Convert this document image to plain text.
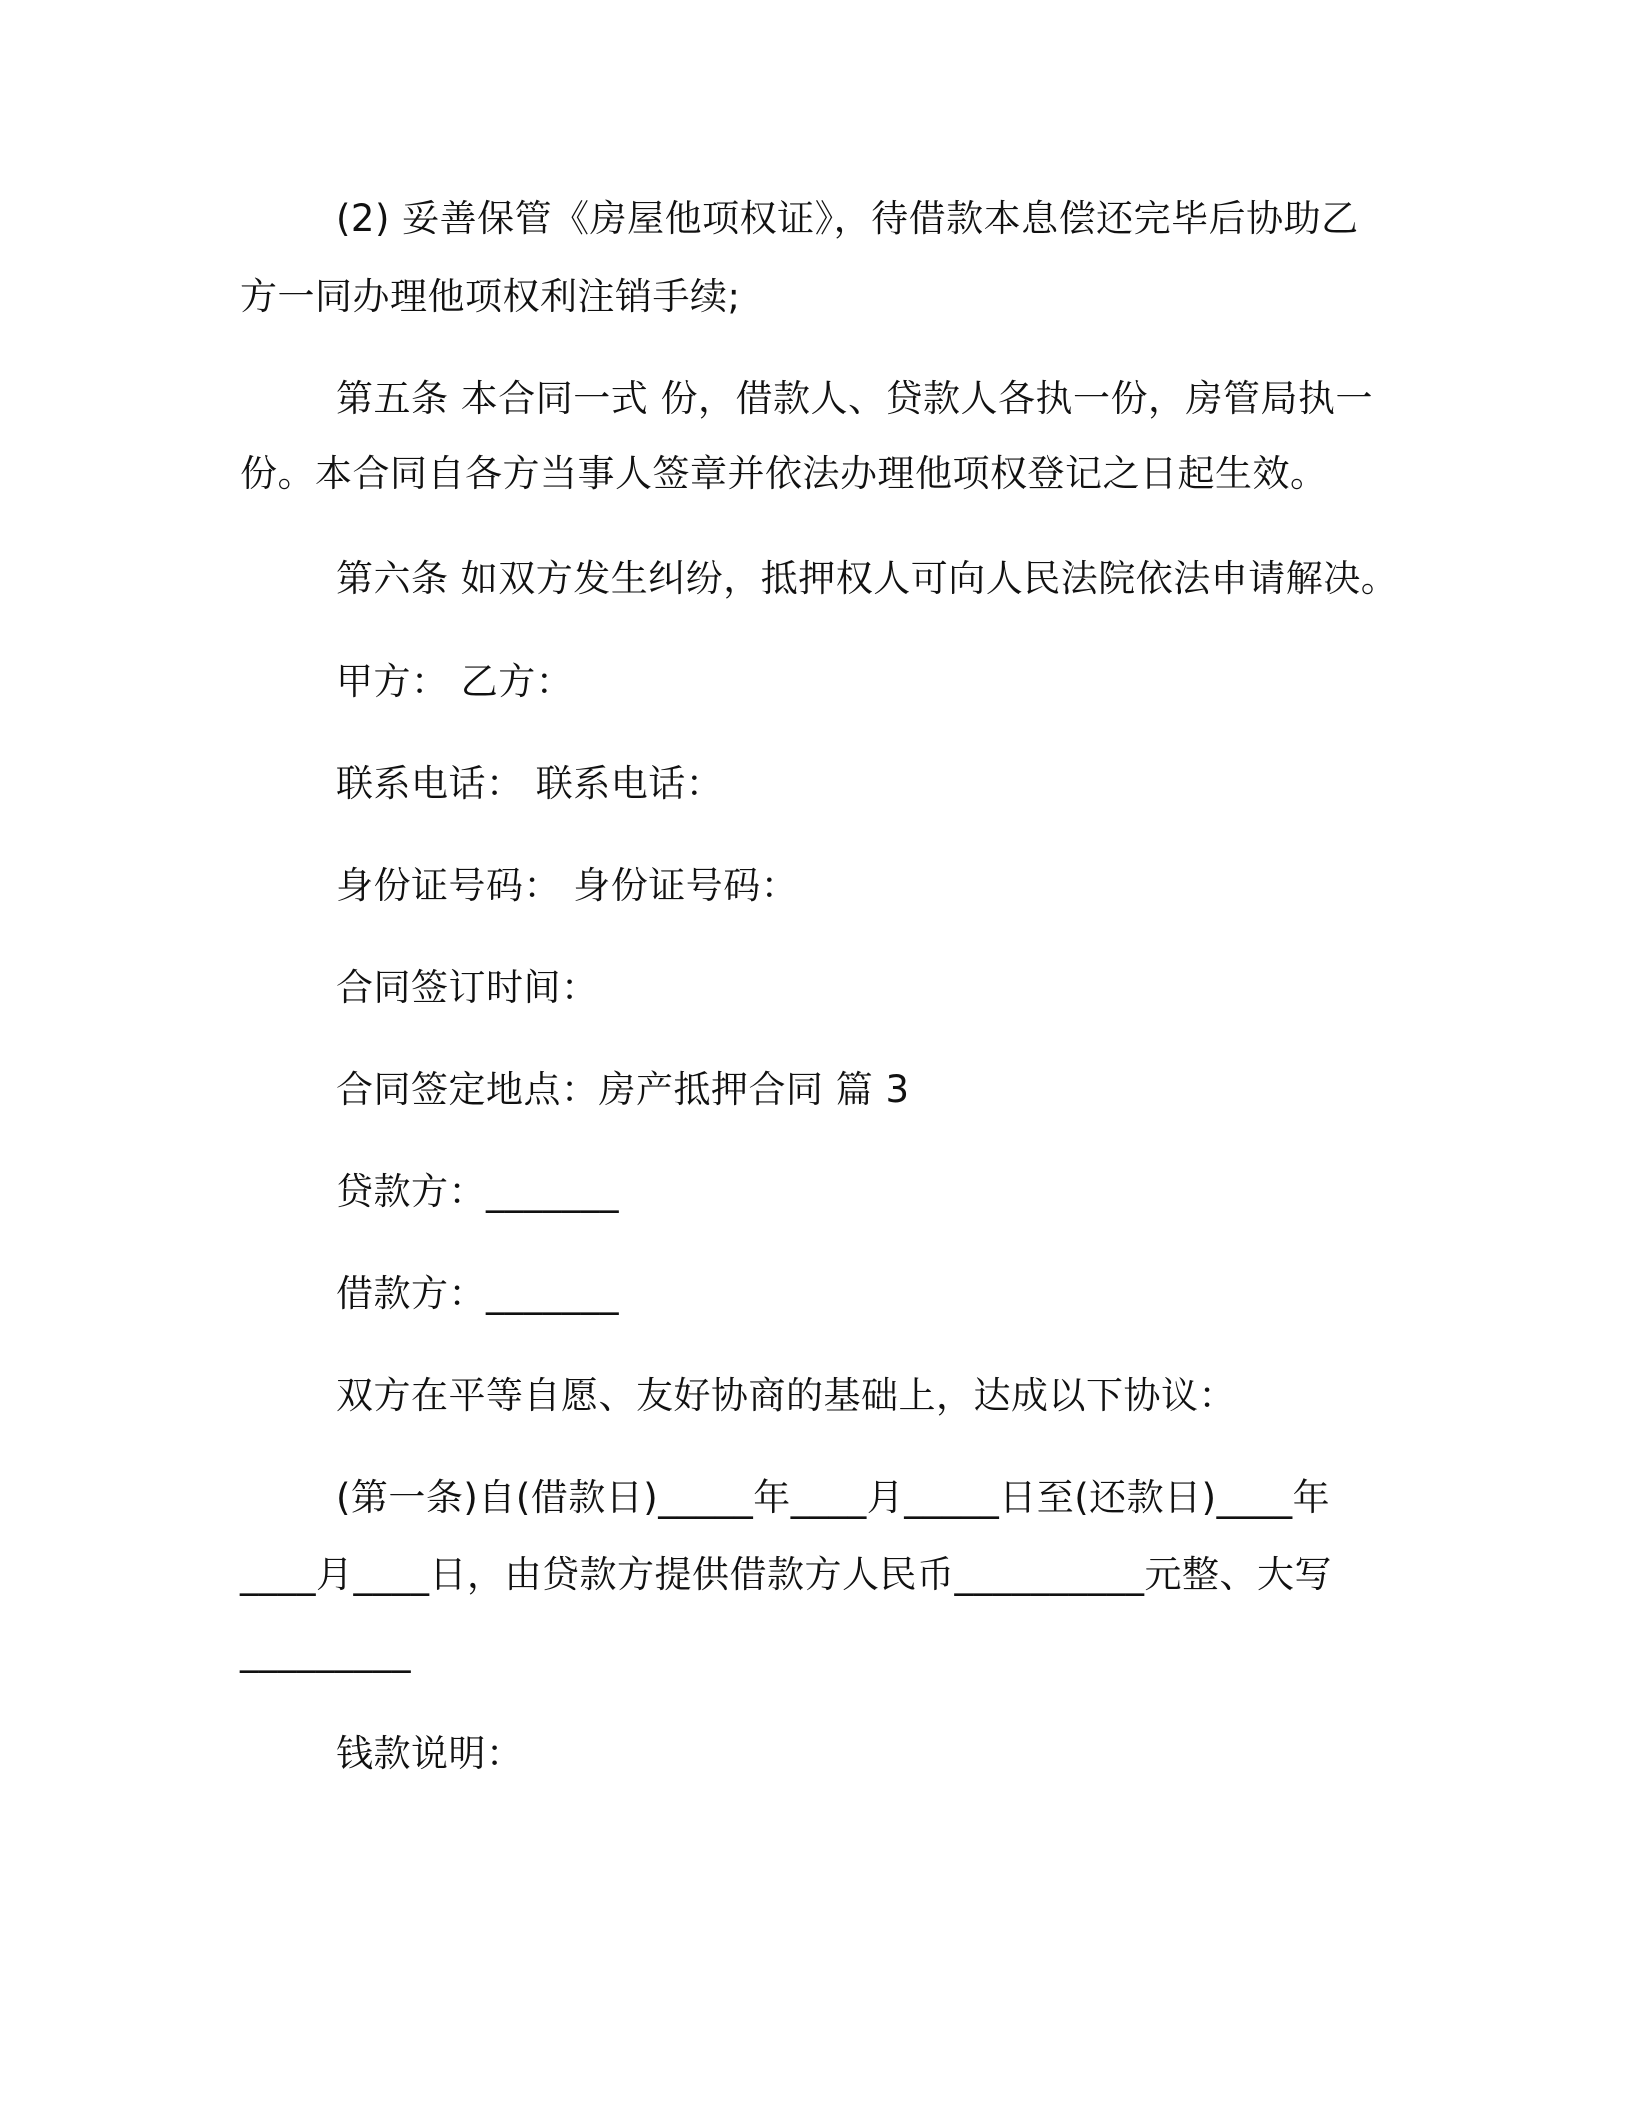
(2) 妥善保管《房屋他项权证》，待借款本息偿还完毕后协助乙
方一同办理他项权利注销手续;
第五条 本合同一式 份，借款人、贷款人各执一份，房管局执一
份。本合同自各方当事人签章并依法办理他项权登记之日起生效。
第六条 如双方发生纠纷，抵押权人可向人民法院依法申请解决。
甲方： 乙方：
联系电话： 联系电话：
身份证号码： 身份证号码：
合同签订时间：
合同签定地点：房产抵押合同 篇 3
贷款方：_______
借款方：_______
双方在平等自愿、友好协商的基础上，达成以下协议：
(第一条)自(借款日)_____年____月_____日至(还款日)____年
____月____日，由贷款方提供借款方人民币__________元整、大写
_________
钱款说明：
